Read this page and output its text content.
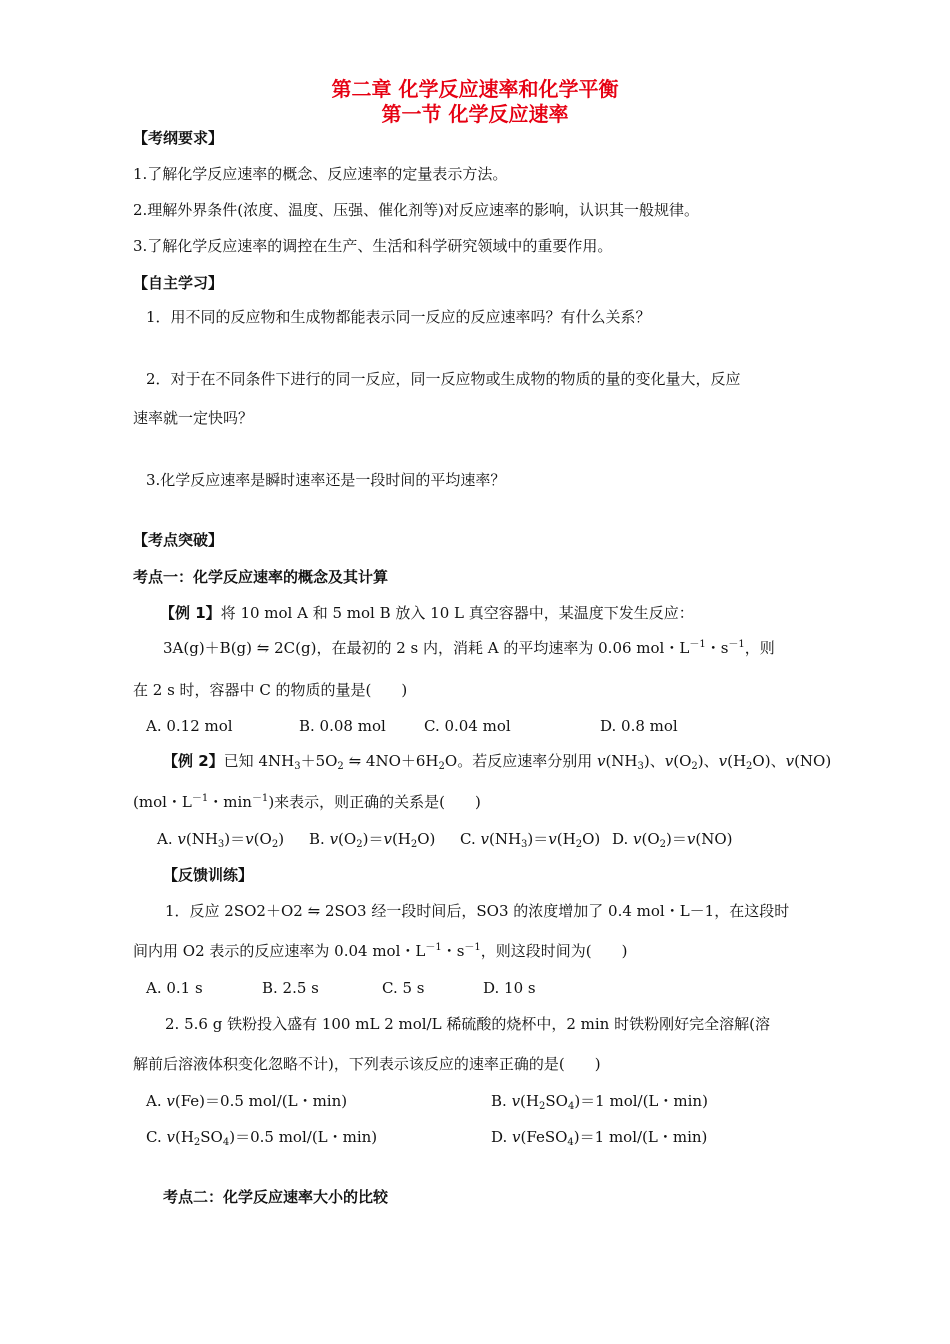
第二章 化学反应速率和化学平衡
第一节 化学反应速率
【考纲要求】
1.了解化学反应速率的概念、反应速率的定量表示方法。
2.理解外界条件(浓度、温度、压强、催化剂等)对反应速率的影响，认识其一般规律。
3.了解化学反应速率的调控在生产、生活和科学研究领域中的重要作用。
【自主学习】
1．用不同的反应物和生成物都能表示同一反应的反应速率吗？有什么关系？
2．对于在不同条件下进行的同一反应，同一反应物或生成物的物质的量的变化量大，反应
速率就一定快吗？
3.化学反应速率是瞬时速率还是一段时间的平均速率？
【考点突破】
考点一：化学反应速率的概念及其计算
【例 1】将 10 mol A 和 5 mol B 放入 10 L 真空容器中，某温度下发生反应：
3A(g)＋B(g) ⇋ 2C(g)，在最初的 2 s 内，消耗 A 的平均速率为 0.06 mol・$L^{-1}$・$s^{-1}$，则
在 2 s 时，容器中 C 的物质的量是(　　)
A. 0.12 mol	B. 0.08 mol	C. 0.04 mol	D. 0.8 mol
【例 2】已知 $4NH_3+5O_2$ ⇋ $4NO+6H_2O$。若反应速率分别用 $v(NH_3)$、$v(O_2)$、$v(H_2O)$、v(NO)
(mol・$L^{-1}$・$\min^{-1}$)来表示，则正确的关系是(　　)
A. $v(NH_3)=v(O_2)$ B. $v(O_2)=v(H_2O)$ C. $v(NH_3)=v(H_2O)$ D. $v(O_2)=v(NO)$
【反馈训练】
1．反应 2SO2＋O2 ⇋ 2SO3 经一段时间后，SO3 的浓度增加了 0.4 mol・L－1，在这段时
间内用 O2 表示的反应速率为 0.04 mol・$L^{-1}$・$s^{-1}$，则这段时间为(　　)
A. 0.1 s	B. 2.5 s	C. 5 s	D. 10 s
2. 5.6 g 铁粉投入盛有 100 mL 2 mol/L 稀硫酸的烧杯中，2 min 时铁粉刚好完全溶解(溶
解前后溶液体积变化忽略不计)，下列表示该反应的速率正确的是(　　)
A. v(Fe)＝0.5 mol/(L・min)	B. $v(H_2SO_4)=1$ mol/(L・min)
C. $v(H_2SO_4)=0.5$ mol/(L・min)	D. v(FeSO$_4$)＝1 mol/(L・min)
考点二：化学反应速率大小的比较
